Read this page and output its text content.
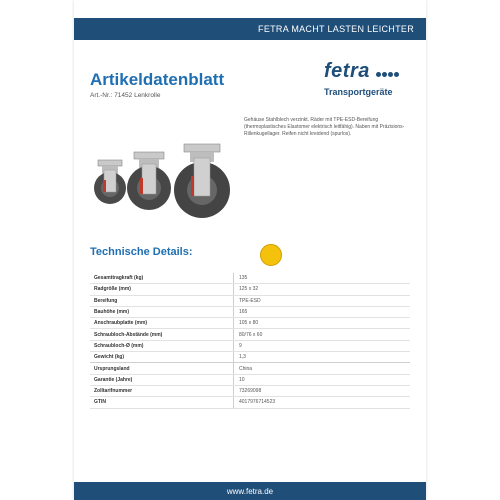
FETRA MACHT LASTEN LEICHTER
Artikeldatenblatt
Art.-Nr.: 71452 Lenkrolle
fetra
Transportgeräte
Gehäuse Stahlblech verzinkt. Räder mit TPE-ESD-Bereifung (thermoplastisches Elastomer elektrisch leitfähig). Naben mit Präzisions-Rillenkugellager. Reifen nicht kreidend (spurlos).
Technische Details:
Gesamttragkraft (kg)	135
Radgröße (mm)	125 x 32
Bereifung	TPE-ESD
Bauhöhe (mm)	165
Anschraubplatte (mm)	105 x 80
Schraubloch-Abstände (mm)	80/76 x 60
Schraubloch-Ø (mm)	9
Gewicht (kg)	1,3
Ursprungsland	China
Garantie (Jahre)	10
Zolltarifnummer	73269098
GTIN	4017976714523
www.fetra.de
